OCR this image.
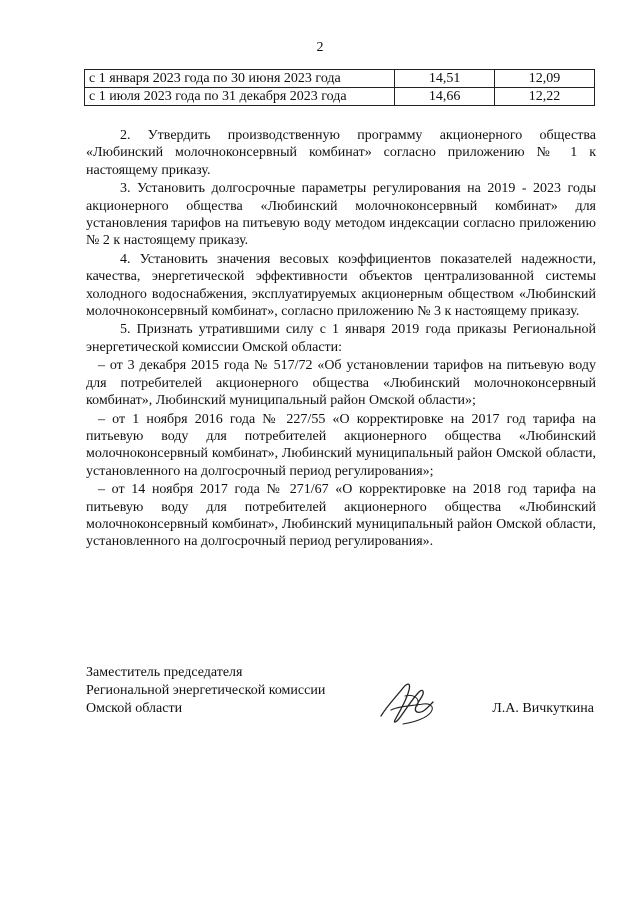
2
с 1 января 2023 года по 30 июня 2023 года	14,51	12,09
с 1 июля 2023 года по 31 декабря 2023 года	14,66	12,22

2. Утвердить производственную программу акционерного общества «Любинский молочноконсервный комбинат» согласно приложению № 1 к настоящему приказу.

3. Установить долгосрочные параметры регулирования на 2019 - 2023 годы акционерного общества «Любинский молочноконсервный комбинат» для установления тарифов на питьевую воду методом индексации согласно приложению № 2 к настоящему приказу.

4. Установить значения весовых коэффициентов показателей надежности, качества, энергетической эффективности объектов централизованной системы холодного водоснабжения, эксплуатируемых акционерным обществом «Любинский молочноконсервный комбинат», согласно приложению № 3 к настоящему приказу.

5. Признать утратившими силу с 1 января 2019 года приказы Региональной энергетической комиссии Омской области:

– от 3 декабря 2015 года № 517/72 «Об установлении тарифов на питьевую воду для потребителей акционерного общества «Любинский молочноконсервный комбинат», Любинский муниципальный район Омской области»;

– от 1 ноября 2016 года № 227/55 «О корректировке на 2017 год тарифа на питьевую воду для потребителей акционерного общества «Любинский молочноконсервный комбинат», Любинский муниципальный район Омской области, установленного на долгосрочный период регулирования»;

– от 14 ноября 2017 года № 271/67 «О корректировке на 2018 год тарифа на питьевую воду для потребителей акционерного общества «Любинский молочноконсервный комбинат», Любинский муниципальный район Омской области, установленного на долгосрочный период регулирования».

Заместитель председателя
Региональной энергетической комиссии
Омской области	Л.А. Вичкуткина
